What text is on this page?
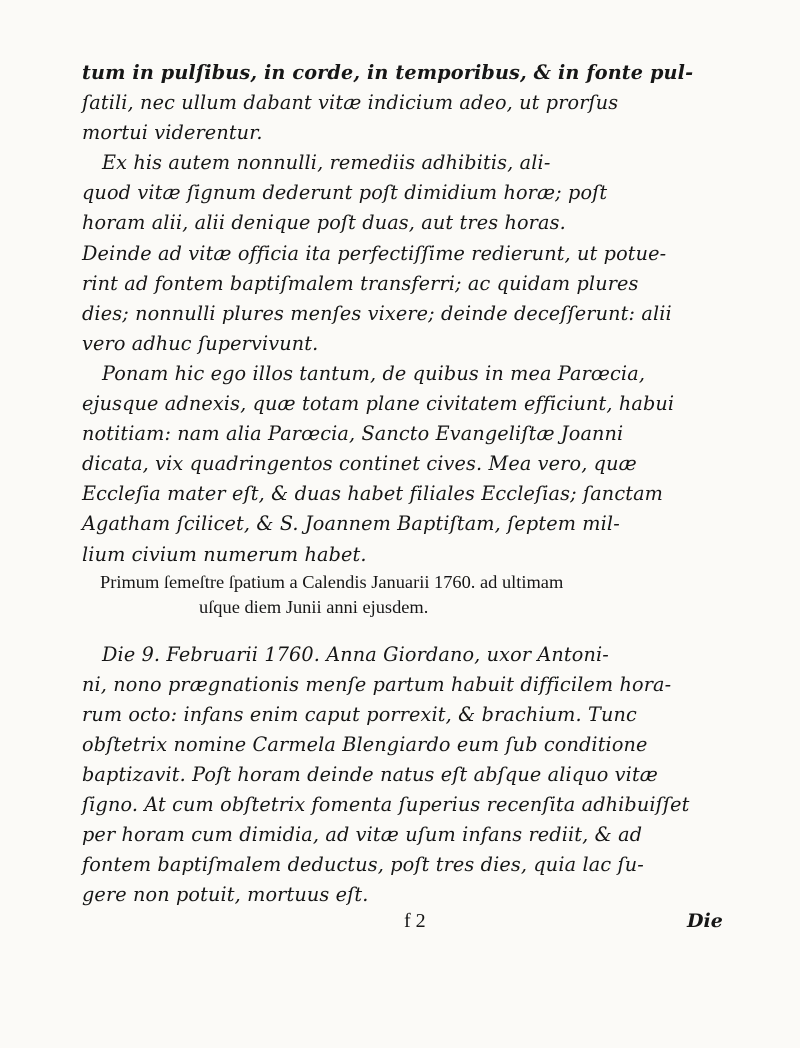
tum in pulſibus, in corde, in temporibus, & in fonte pul-

ſatili, nec ullum dabant vitæ indicium adeo, ut prorſus

mortui viderentur.

Ex his autem nonnulli, remediis adhibitis, ali-

quod vitæ ſignum dederunt poſt dimidium horæ; poſt

horam alii, alii denique poſt duas, aut tres horas.

Deinde ad vitæ officia ita perfectiſſime redierunt, ut potue-

rint ad fontem baptiſmalem transferri; ac quidam plures

dies; nonnulli plures menſes vixere; deinde deceſſerunt: alii

vero adhuc ſupervivunt.

Ponam hic ego illos tantum, de quibus in mea Parœcia,

ejusque adnexis, quæ totam plane civitatem efficiunt, habui

notitiam: nam alia Parœcia, Sancto Evangeliſtæ Joanni

dicata, vix quadringentos continet cives. Mea vero, quæ

Eccleſia mater eſt, & duas habet filiales Eccleſias; ſanctam

Agatham ſcilicet, & S. Joannem Baptiſtam, ſeptem mil-

lium civium numerum habet.

Primum ſemeſtre ſpatium a Calendis Januarii 1760. ad ultimam

uſque diem Junii anni ejusdem.

Die 9. Februarii 1760. Anna Giordano, uxor Antoni-

ni, nono prægnationis menſe partum habuit difficilem hora-

rum octo: infans enim caput porrexit, & brachium. Tunc

obſtetrix nomine Carmela Blengiardo eum ſub conditione

baptizavit. Poſt horam deinde natus eſt abſque aliquo vitæ

ſigno. At cum obſtetrix fomenta ſuperius recenſita adhibuiſſet

per horam cum dimidia, ad vitæ uſum infans rediit, & ad

fontem baptiſmalem deductus, poſt tres dies, quia lac ſu-

gere non potuit, mortuus eſt.

f 2	Die
